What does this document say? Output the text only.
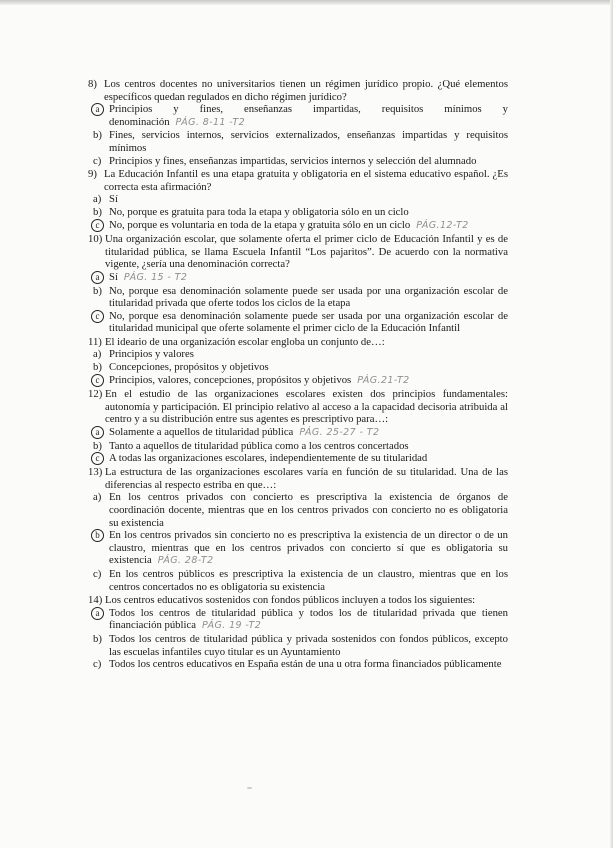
8) Los centros docentes no universitarios tienen un régimen jurídico propio. ¿Qué elementos específicos quedan regulados en dicho régimen jurídico?
a Principios y fines, enseñanzas impartidas, requisitos mínimos y denominación PÁG. 8-11 -T2
b) Fines, servicios internos, servicios externalizados, enseñanzas impartidas y requisitos mínimos
c) Principios y fines, enseñanzas impartidas, servicios internos y selección del alumnado
9) La Educación Infantil es una etapa gratuita y obligatoria en el sistema educativo español. ¿Es correcta esta afirmación?
a) Sí
b) No, porque es gratuita para toda la etapa y obligatoria sólo en un ciclo
c No, porque es voluntaria en toda de la etapa y gratuita sólo en un ciclo PÁG.12-T2
10) Una organización escolar, que solamente oferta el primer ciclo de Educación Infantil y es de titularidad pública, se llama Escuela Infantil “Los pajaritos”. De acuerdo con la normativa vigente, ¿sería una denominación correcta?
a Sí PÁG. 15 - T2
b) No, porque esa denominación solamente puede ser usada por una organización escolar de titularidad privada que oferte todos los ciclos de la etapa
c No, porque esa denominación solamente puede ser usada por una organización escolar de titularidad municipal que oferte solamente el primer ciclo de la Educación Infantil
11) El ideario de una organización escolar engloba un conjunto de…:
a) Principios y valores
b) Concepciones, propósitos y objetivos
c Principios, valores, concepciones, propósitos y objetivos PÁG.21-T2
12) En el estudio de las organizaciones escolares existen dos principios fundamentales: autonomía y participación. El principio relativo al acceso a la capacidad decisoria atribuida al centro y a su distribución entre sus agentes es prescriptivo para…:
a Solamente a aquellos de titularidad pública PÁG. 25-27 - T2
b) Tanto a aquellos de titularidad pública como a los centros concertados
c A todas las organizaciones escolares, independientemente de su titularidad
13) La estructura de las organizaciones escolares varía en función de su titularidad. Una de las diferencias al respecto estriba en que…:
a) En los centros privados con concierto es prescriptiva la existencia de órganos de coordinación docente, mientras que en los centros privados con concierto no es obligatoria su existencia
b En los centros privados sin concierto no es prescriptiva la existencia de un director o de un claustro, mientras que en los centros privados con concierto sí que es obligatoria su existencia PÁG. 28-T2
c) En los centros públicos es prescriptiva la existencia de un claustro, mientras que en los centros concertados no es obligatoria su existencia
14) Los centros educativos sostenidos con fondos públicos incluyen a todos los siguientes:
a Todos los centros de titularidad pública y todos los de titularidad privada que tienen financiación pública PÁG. 19 -T2
b) Todos los centros de titularidad pública y privada sostenidos con fondos públicos, excepto las escuelas infantiles cuyo titular es un Ayuntamiento
c) Todos los centros educativos en España están de una u otra forma financiados públicamente
